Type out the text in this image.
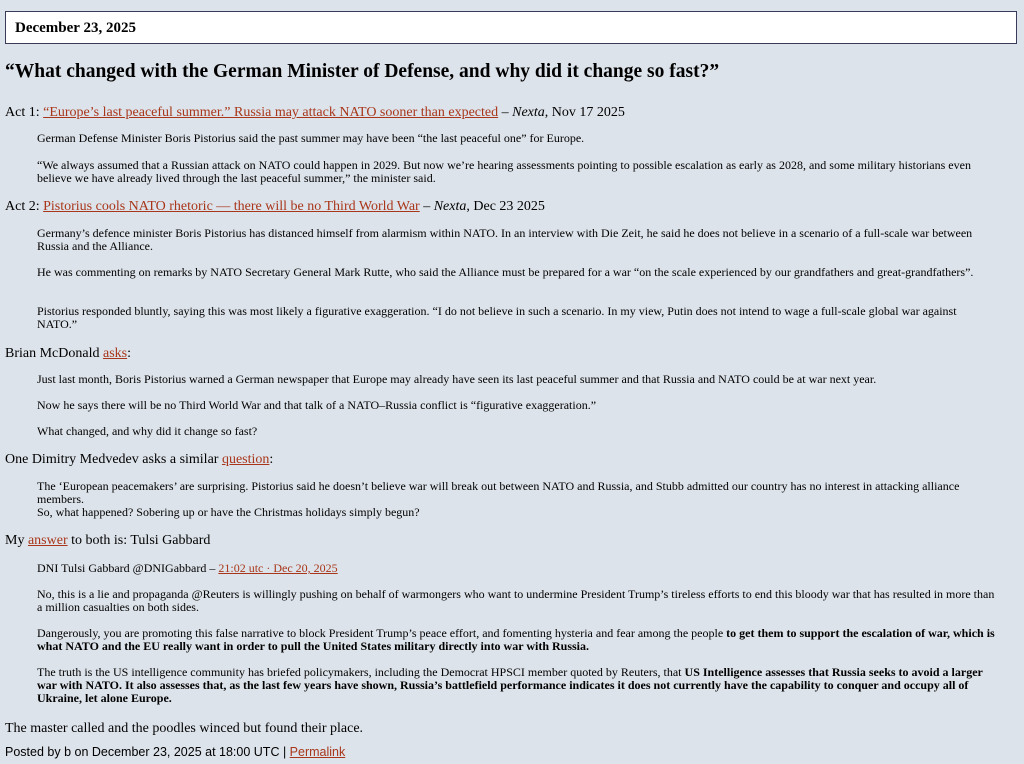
December 23, 2025
“What changed with the German Minister of Defense, and why did it change so fast?”
Act 1: “Europe’s last peaceful summer.” Russia may attack NATO sooner than expected – Nexta, Nov 17 2025
German Defense Minister Boris Pistorius said the past summer may have been “the last peaceful one” for Europe.
“We always assumed that a Russian attack on NATO could happen in 2029. But now we’re hearing assessments pointing to possible escalation as early as 2028, and some military historians even believe we have already lived through the last peaceful summer,” the minister said.
Act 2: Pistorius cools NATO rhetoric — there will be no Third World War – Nexta, Dec 23 2025
Germany’s defence minister Boris Pistorius has distanced himself from alarmism within NATO. In an interview with Die Zeit, he said he does not believe in a scenario of a full-scale war between Russia and the Alliance.
He was commenting on remarks by NATO Secretary General Mark Rutte, who said the Alliance must be prepared for a war “on the scale experienced by our grandfathers and great-grandfathers”.
Pistorius responded bluntly, saying this was most likely a figurative exaggeration. “I do not believe in such a scenario. In my view, Putin does not intend to wage a full-scale global war against NATO.”
Brian McDonald asks:
Just last month, Boris Pistorius warned a German newspaper that Europe may already have seen its last peaceful summer and that Russia and NATO could be at war next year.
Now he says there will be no Third World War and that talk of a NATO–Russia conflict is “figurative exaggeration.”
What changed, and why did it change so fast?
One Dimitry Medvedev asks a similar question:
The ‘European peacemakers’ are surprising. Pistorius said he doesn’t believe war will break out between NATO and Russia, and Stubb admitted our country has no interest in attacking alliance members.
So, what happened? Sobering up or have the Christmas holidays simply begun?
My answer to both is: Tulsi Gabbard
DNI Tulsi Gabbard @DNIGabbard – 21:02 utc · Dec 20, 2025
No, this is a lie and propaganda @Reuters is willingly pushing on behalf of warmongers who want to undermine President Trump’s tireless efforts to end this bloody war that has resulted in more than a million casualties on both sides.
Dangerously, you are promoting this false narrative to block President Trump’s peace effort, and fomenting hysteria and fear among the people to get them to support the escalation of war, which is what NATO and the EU really want in order to pull the United States military directly into war with Russia.
The truth is the US intelligence community has briefed policymakers, including the Democrat HPSCI member quoted by Reuters, that US Intelligence assesses that Russia seeks to avoid a larger war with NATO. It also assesses that, as the last few years have shown, Russia’s battlefield performance indicates it does not currently have the capability to conquer and occupy all of Ukraine, let alone Europe.
The master called and the poodles winced but found their place.
Posted by b on December 23, 2025 at 18:00 UTC | Permalink
